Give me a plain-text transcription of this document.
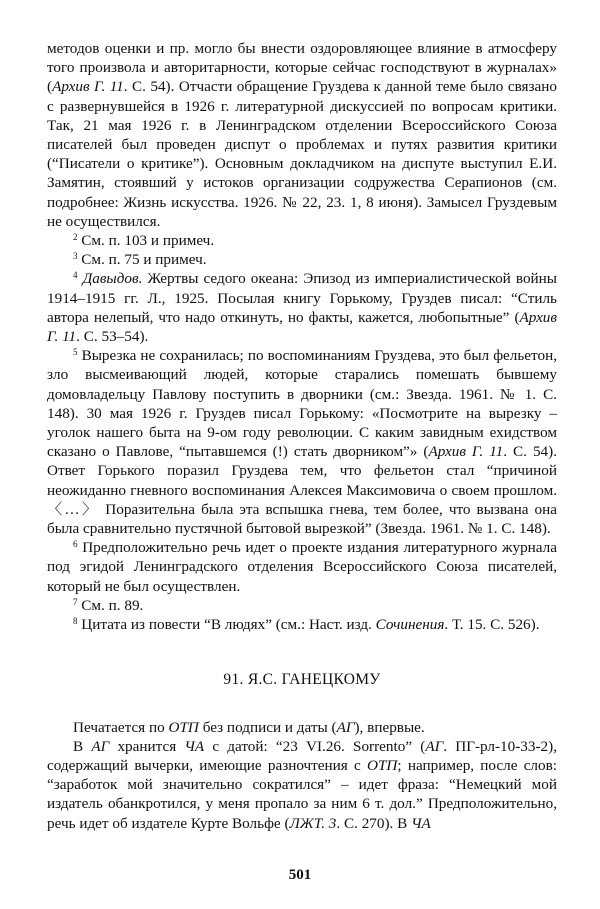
методов оценки и пр. могло бы внести оздоровляющее влияние в атмосферу того произвола и авторитарности, которые сейчас господствуют в журналах» (Архив Г. 11. С. 54). Отчасти обращение Груздева к данной теме было связано с развернувшейся в 1926 г. литературной дискуссией по вопросам критики. Так, 21 мая 1926 г. в Ленинградском отделении Всероссийского Союза писателей был проведен диспут о проблемах и путях развития критики (“Писатели о критике”). Основным докладчиком на диспуте выступил Е.И. Замятин, стоявший у истоков организации содружества Серапионов (см. подробнее: Жизнь искусства. 1926. № 22, 23. 1, 8 июня). Замысел Груздевым не осуществился.

$^2$ См. п. 103 и примеч.

$^3$ См. п. 75 и примеч.

$^4$ Давыдов. Жертвы седого океана: Эпизод из империалистической войны 1914–1915 гг. Л., 1925. Посылая книгу Горькому, Груздев писал: “Стиль автора нелепый, что надо откинуть, но факты, кажется, любопытные” (Архив Г. 11. С. 53–54).

$^5$ Вырезка не сохранилась; по воспоминаниям Груздева, это был фельетон, зло высмеивающий людей, которые старались помешать бывшему домовладельцу Павлову поступить в дворники (см.: Звезда. 1961. № 1. С. 148). 30 мая 1926 г. Груздев писал Горькому: «Посмотрите на вырезку – уголок нашего быта на 9-ом году революции. С каким завидным ехидством сказано о Павлове, “пытавшемся (!) стать дворником”» (Архив Г. 11. С. 54). Ответ Горького поразил Груздева тем, что фельетон стал “причиной неожиданно гневного воспоминания Алексея Максимовича о своем прошлом. 〈…〉 Поразительна была эта вспышка гнева, тем более, что вызвана она была сравнительно пустячной бытовой вырезкой” (Звезда. 1961. № 1. С. 148).

$^6$ Предположительно речь идет о проекте издания литературного журнала под эгидой Ленинградского отделения Всероссийского Союза писателей, который не был осуществлен.

$^7$ См. п. 89.

$^8$ Цитата из повести “В людях” (см.: Наст. изд. Сочинения. Т. 15. С. 526).

91. Я.С. ГАНЕЦКОМУ

Печатается по ОТП без подписи и даты (АГ), впервые.

В АГ хранится ЧА с датой: “23 VI.26. Sorrento” (АГ. ПГ-рл-10-33-2), содержащий вычерки, имеющие разночтения с ОТП; например, после слов: “заработок мой значительно сократился” – идет фраза: “Немецкий мой издатель обанкротился, у меня пропало за ним 6 т. дол.” Предположительно, речь идет об издателе Курте Вольфе (ЛЖТ. 3. С. 270). В ЧА

501
